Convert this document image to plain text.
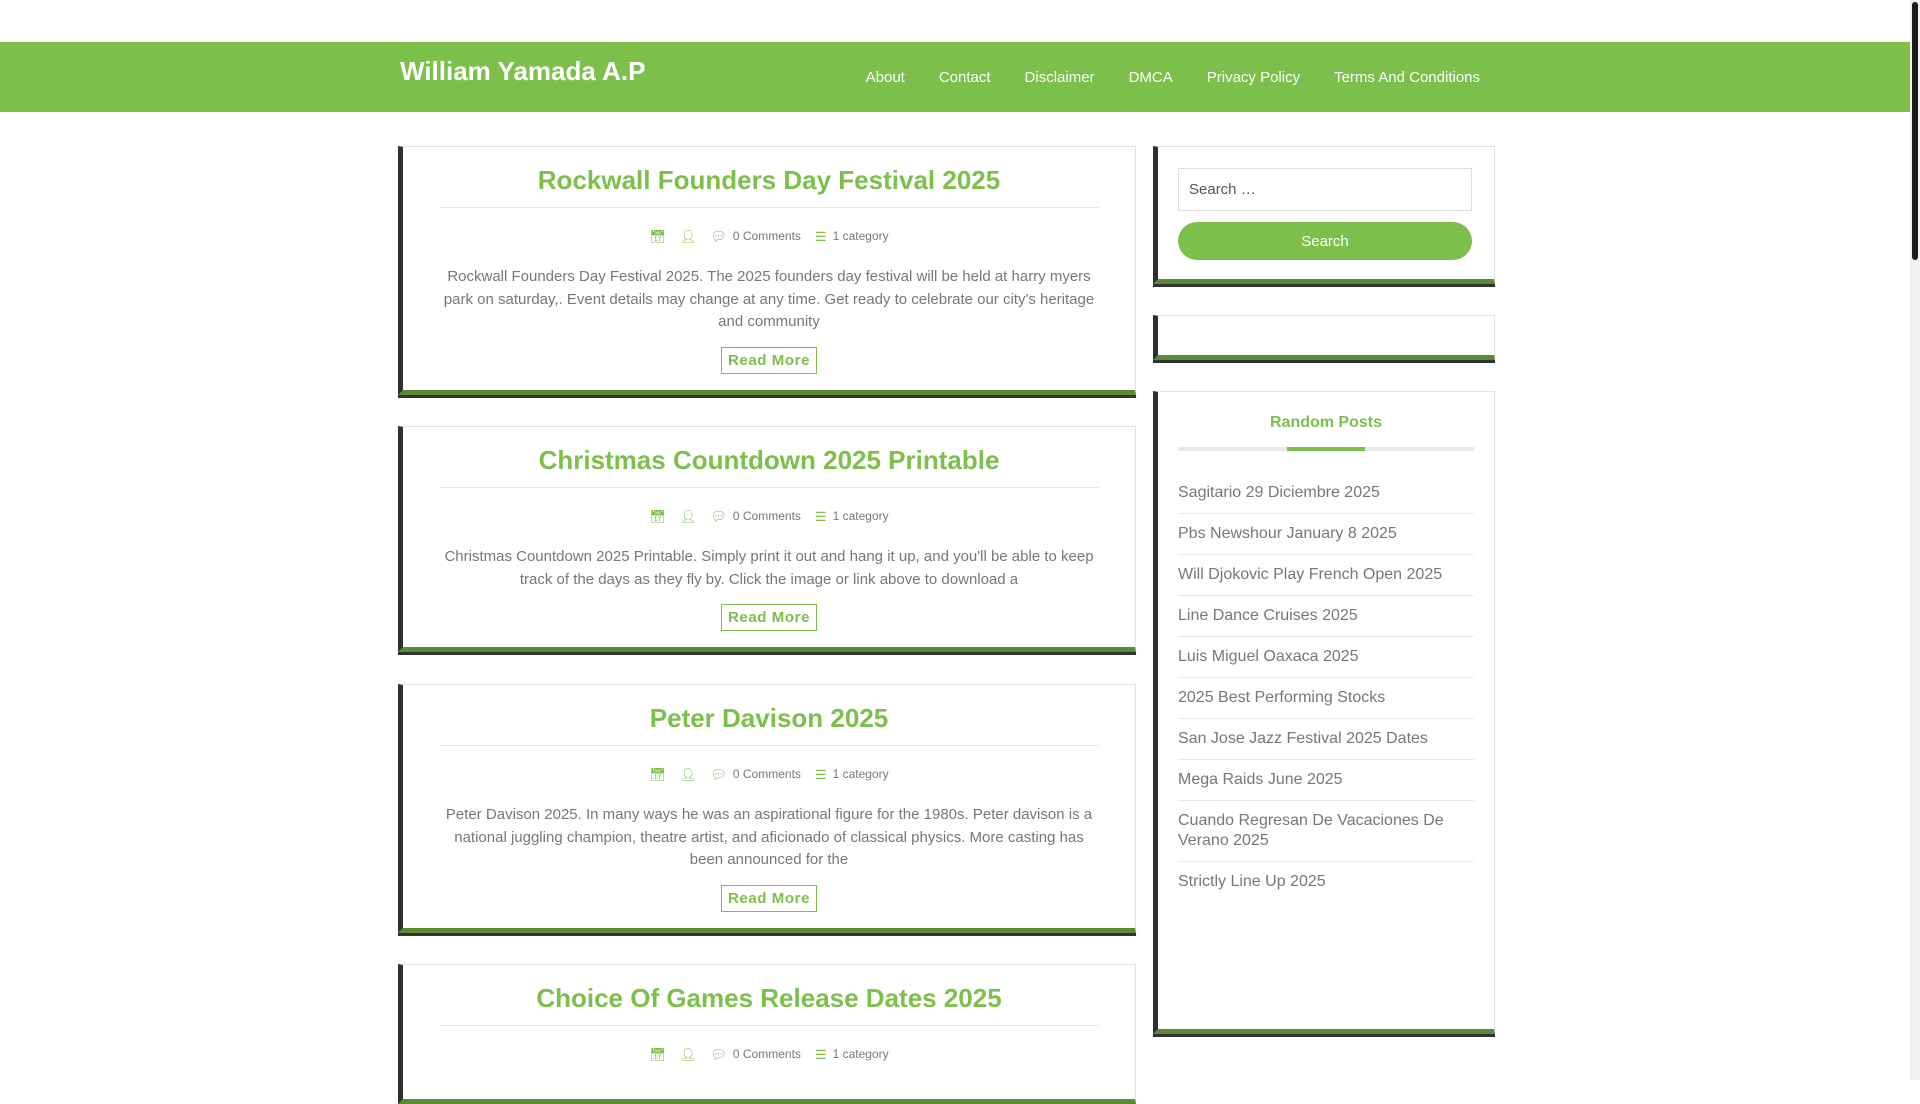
William Yamada A.P	About Contact Disclaimer DMCA Privacy Policy Terms And Conditions
Rockwall Founders Day Festival 2025
📅︎ 👤︎ 💬︎ 0 Comments ☰ 1 category

Rockwall Founders Day Festival 2025. The 2025 founders day festival will be held at harry myers park on saturday,. Event details may change at any time. Get ready to celebrate our city's heritage and community

Read More
Christmas Countdown 2025 Printable
📅︎ 👤︎ 💬︎ 0 Comments ☰ 1 category

Christmas Countdown 2025 Printable. Simply print it out and hang it up, and you'll be able to keep track of the days as they fly by. Click the image or link above to download a

Read More
Peter Davison 2025
📅︎ 👤︎ 💬︎ 0 Comments ☰ 1 category

Peter Davison 2025. In many ways he was an aspirational figure for the 1980s. Peter davison is a national juggling champion, theatre artist, and aficionado of classical physics. More casting has been announced for the

Read More
Choice Of Games Release Dates 2025
📅︎ 👤︎ 💬︎ 0 Comments ☰ 1 category
Search …
Search
Random Posts
Sagitario 29 Diciembre 2025
Pbs Newshour January 8 2025
Will Djokovic Play French Open 2025
Line Dance Cruises 2025
Luis Miguel Oaxaca 2025
2025 Best Performing Stocks
San Jose Jazz Festival 2025 Dates
Mega Raids June 2025
Cuando Regresan De Vacaciones De Verano 2025
Strictly Line Up 2025
